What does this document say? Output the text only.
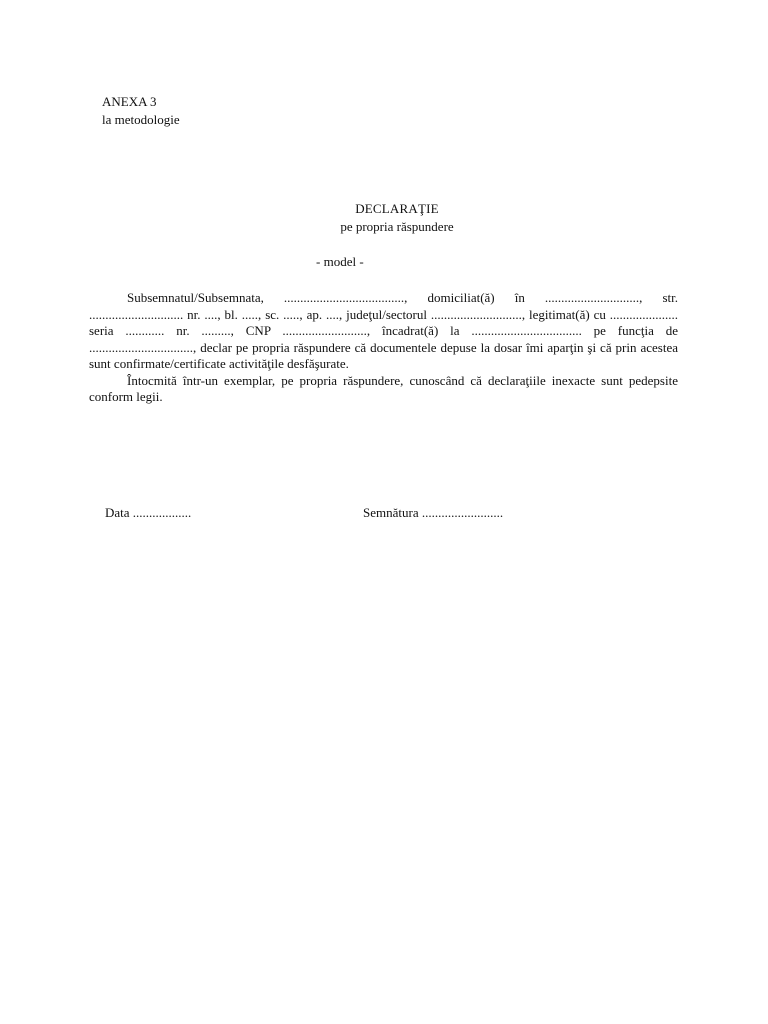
ANEXA 3
la metodologie
DECLARAŢIE
pe propria răspundere
- model -

Subsemnatul/Subsemnata, ....................................., domiciliat(ă) în ............................., str. ............................. nr. ...., bl. ....., sc. ....., ap. ...., judeţul/sectorul ............................, legitimat(ă) cu ..................... seria ............ nr. ........., CNP .........................., încadrat(ă) la .................................. pe funcţia de ................................, declar pe propria răspundere că documentele depuse la dosar îmi aparţin şi că prin acestea sunt confirmate/certificate activităţile desfăşurate.

Întocmită într-un exemplar, pe propria răspundere, cunoscând că declaraţiile inexacte sunt pedepsite conform legii.

Data ..................	Semnătura .........................
